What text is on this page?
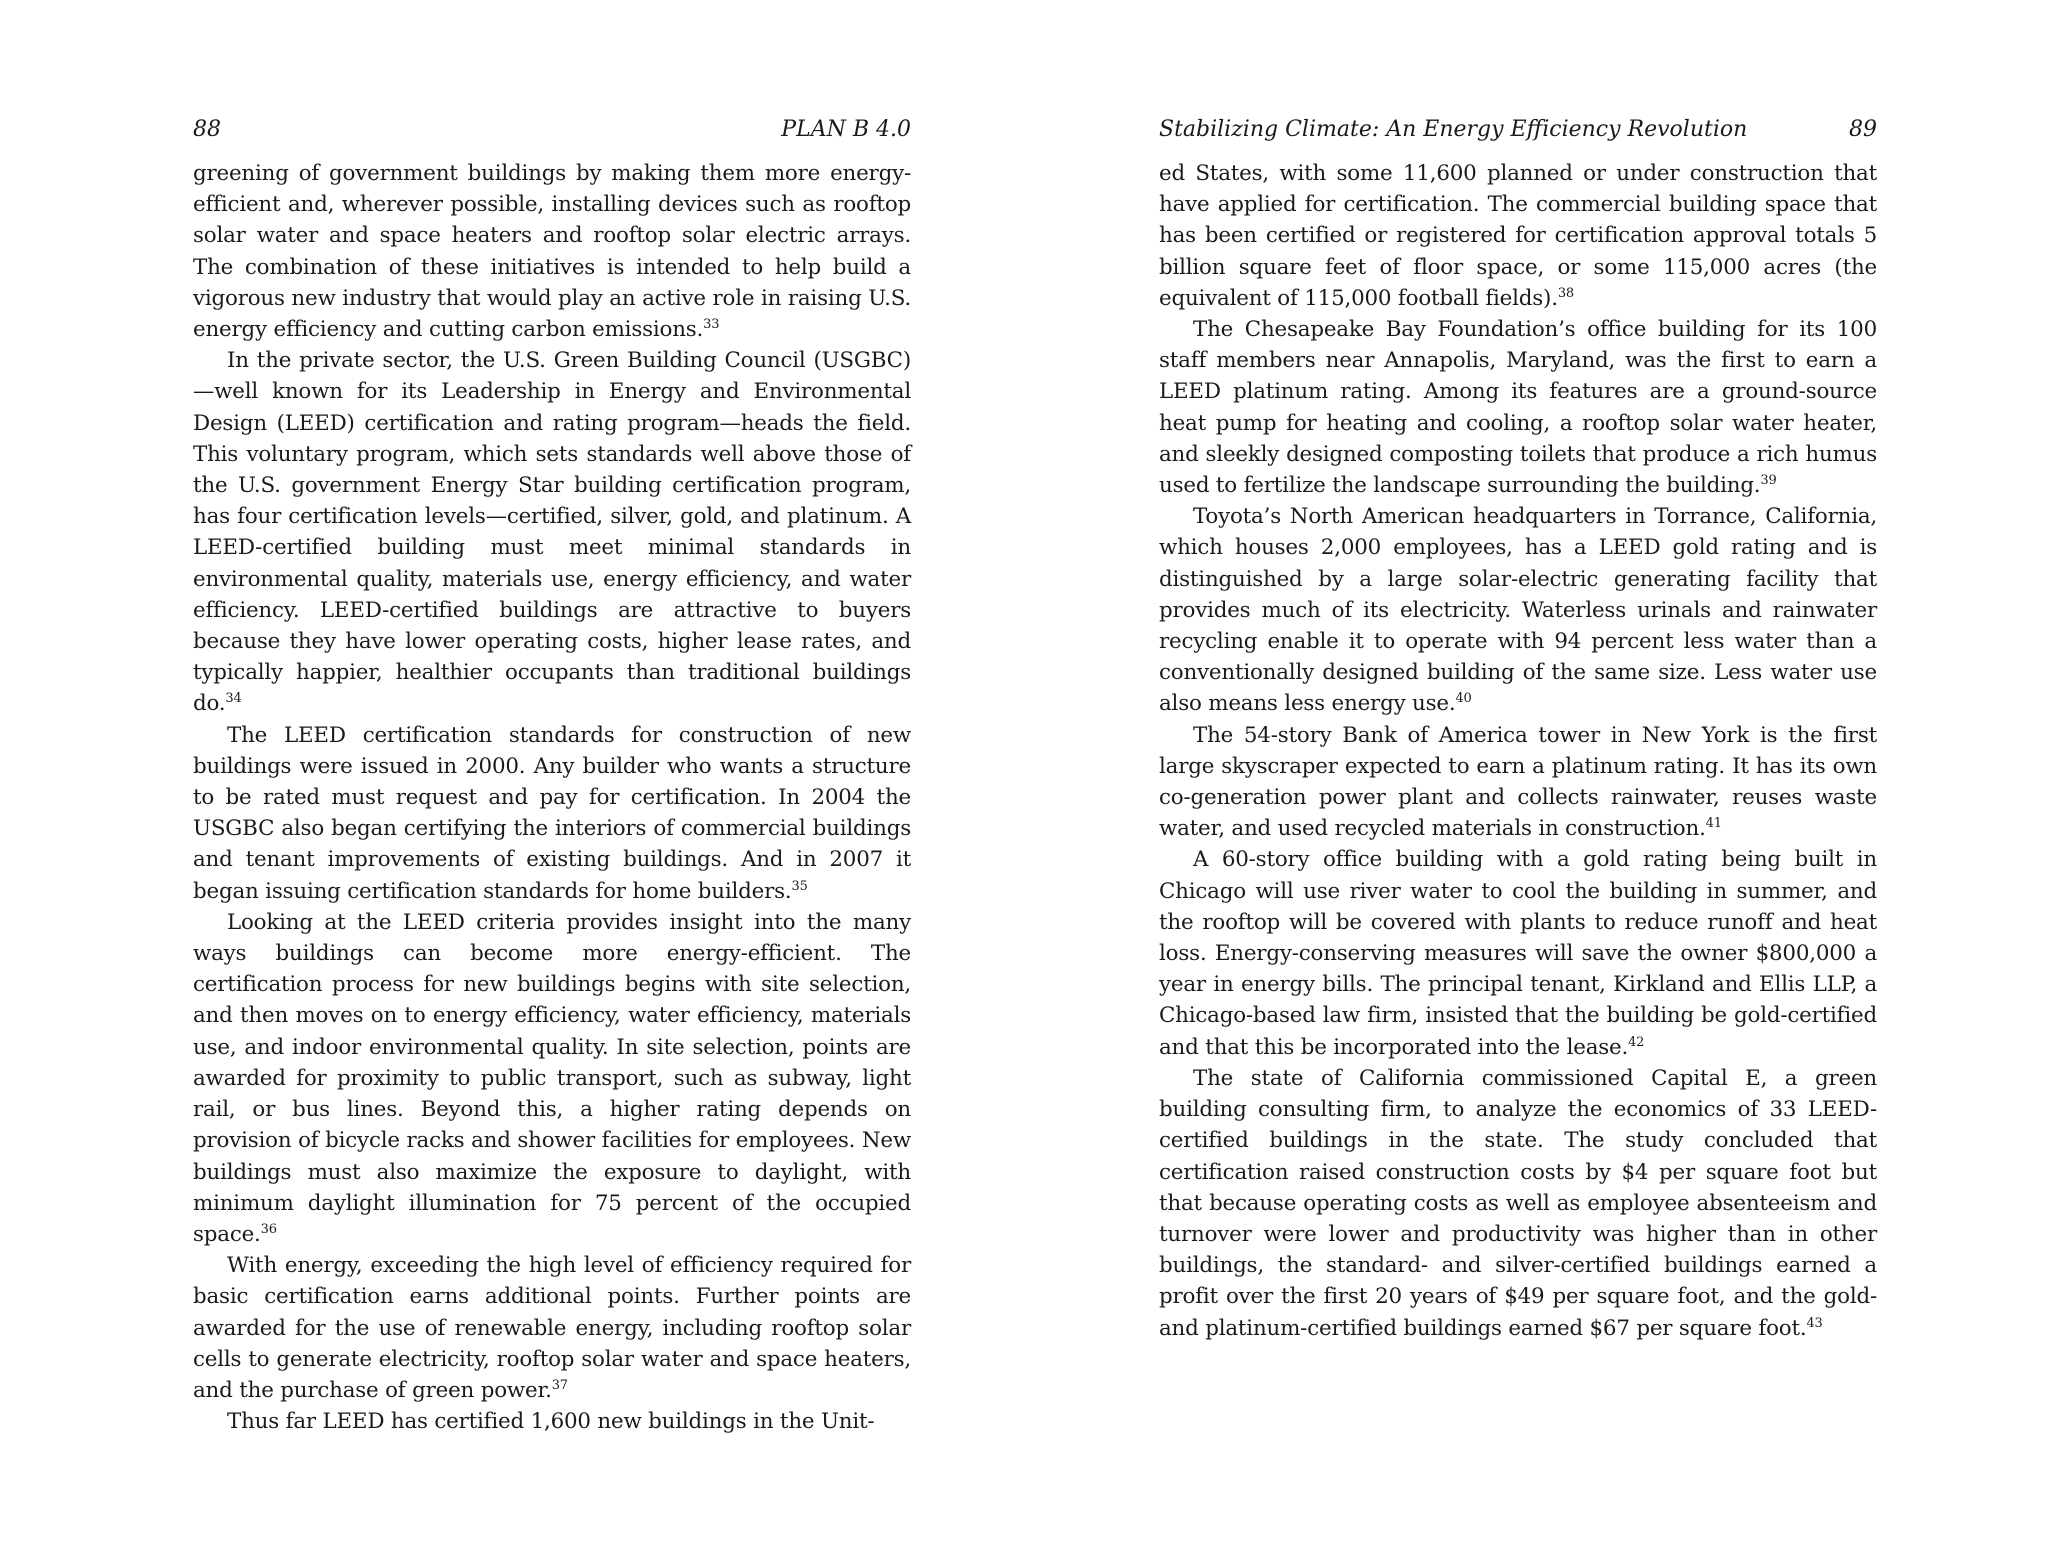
88	PLAN B 4.0

greening of government buildings by making them more energy-efficient and, wherever possible, installing devices such as rooftop solar water and space heaters and rooftop solar electric arrays. The combination of these initiatives is intended to help build a vigorous new industry that would play an active role in raising U.S. energy efficiency and cutting carbon emissions.$^{33}$

In the private sector, the U.S. Green Building Council (USGBC)—well known for its Leadership in Energy and Environmental Design (LEED) certification and rating program—heads the field. This voluntary program, which sets standards well above those of the U.S. government Energy Star building certification program, has four certification levels—certified, silver, gold, and platinum. A LEED-certified building must meet minimal standards in environmental quality, materials use, energy efficiency, and water efficiency. LEED-certified buildings are attractive to buyers because they have lower operating costs, higher lease rates, and typically happier, healthier occupants than traditional buildings do.$^{34}$

The LEED certification standards for construction of new buildings were issued in 2000. Any builder who wants a structure to be rated must request and pay for certification. In 2004 the USGBC also began certifying the interiors of commercial buildings and tenant improvements of existing buildings. And in 2007 it began issuing certification standards for home builders.$^{35}$

Looking at the LEED criteria provides insight into the many ways buildings can become more energy-efficient. The certification process for new buildings begins with site selection, and then moves on to energy efficiency, water efficiency, materials use, and indoor environmental quality. In site selection, points are awarded for proximity to public transport, such as subway, light rail, or bus lines. Beyond this, a higher rating depends on provision of bicycle racks and shower facilities for employees. New buildings must also maximize the exposure to daylight, with minimum daylight illumination for 75 percent of the occupied space.$^{36}$

With energy, exceeding the high level of efficiency required for basic certification earns additional points. Further points are awarded for the use of renewable energy, including rooftop solar cells to generate electricity, rooftop solar water and space heaters, and the purchase of green power.$^{37}$

Thus far LEED has certified 1,600 new buildings in the Unit-

Stabilizing Climate: An Energy Efficiency Revolution	89

ed States, with some 11,600 planned or under construction that have applied for certification. The commercial building space that has been certified or registered for certification approval totals 5 billion square feet of floor space, or some 115,000 acres (the equivalent of 115,000 football fields).$^{38}$

The Chesapeake Bay Foundation’s office building for its 100 staff members near Annapolis, Maryland, was the first to earn a LEED platinum rating. Among its features are a ground-source heat pump for heating and cooling, a rooftop solar water heater, and sleekly designed composting toilets that produce a rich humus used to fertilize the landscape surrounding the building.$^{39}$

Toyota’s North American headquarters in Torrance, California, which houses 2,000 employees, has a LEED gold rating and is distinguished by a large solar-electric generating facility that provides much of its electricity. Waterless urinals and rainwater recycling enable it to operate with 94 percent less water than a conventionally designed building of the same size. Less water use also means less energy use.$^{40}$

The 54-story Bank of America tower in New York is the first large skyscraper expected to earn a platinum rating. It has its own co-generation power plant and collects rainwater, reuses waste water, and used recycled materials in construction.$^{41}$

A 60-story office building with a gold rating being built in Chicago will use river water to cool the building in summer, and the rooftop will be covered with plants to reduce runoff and heat loss. Energy-conserving measures will save the owner $800,000 a year in energy bills. The principal tenant, Kirkland and Ellis LLP, a Chicago-based law firm, insisted that the building be gold-certified and that this be incorporated into the lease.$^{42}$

The state of California commissioned Capital E, a green building consulting firm, to analyze the economics of 33 LEED-certified buildings in the state. The study concluded that certification raised construction costs by $4 per square foot but that because operating costs as well as employee absenteeism and turnover were lower and productivity was higher than in other buildings, the standard- and silver-certified buildings earned a profit over the first 20 years of $49 per square foot, and the gold- and platinum-certified buildings earned $67 per square foot.$^{43}$
